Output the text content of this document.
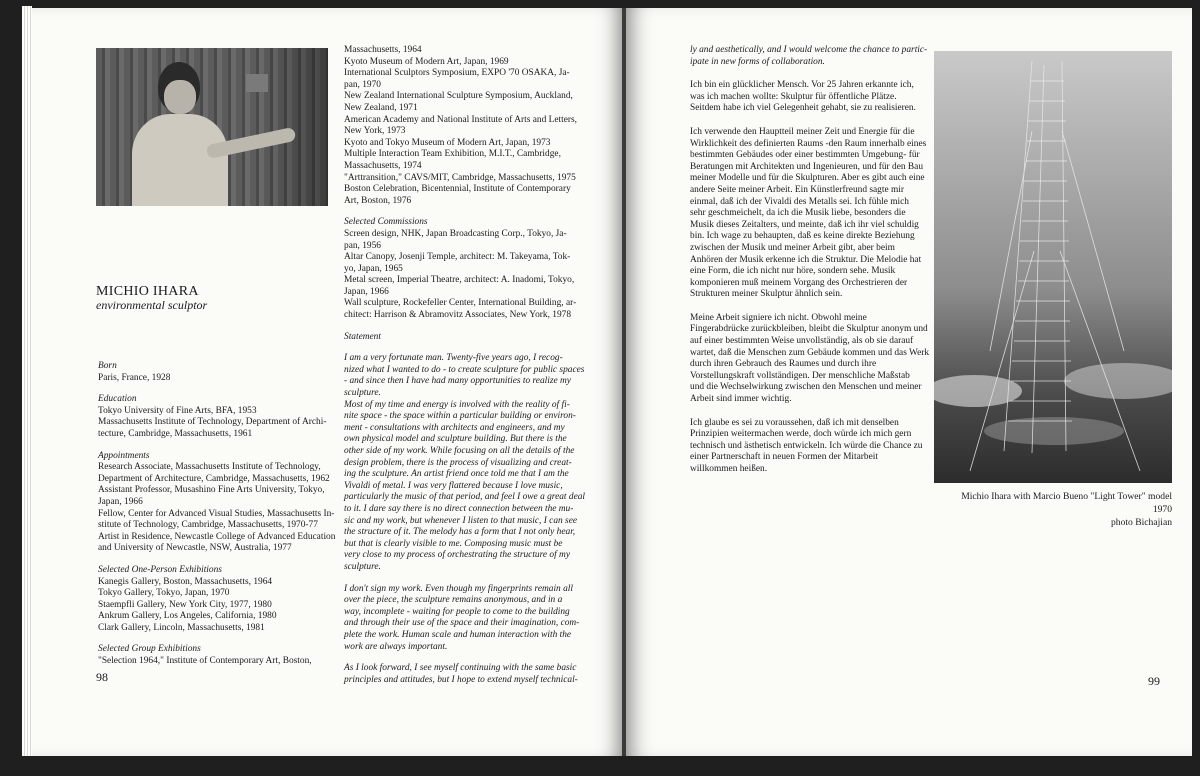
MICHIO IHARA
environmental sculptor
Born
Paris, France, 1928
Education
Tokyo University of Fine Arts, BFA, 1953
Massachusetts Institute of Technology, Department of Archi-
tecture, Cambridge, Massachusetts, 1961
Appointments
Research Associate, Massachusetts Institute of Technology,
Department of Architecture, Cambridge, Massachusetts, 1962
Assistant Professor, Musashino Fine Arts University, Tokyo,
Japan, 1966
Fellow, Center for Advanced Visual Studies, Massachusetts In-
stitute of Technology, Cambridge, Massachusetts, 1970-77
Artist in Residence, Newcastle College of Advanced Education
and University of Newcastle, NSW, Australia, 1977
Selected One-Person Exhibitions
Kanegis Gallery, Boston, Massachusetts, 1964
Tokyo Gallery, Tokyo, Japan, 1970
Staempfli Gallery, New York City, 1977, 1980
Ankrum Gallery, Los Angeles, California, 1980
Clark Gallery, Lincoln, Massachusetts, 1981
Selected Group Exhibitions
"Selection 1964," Institute of Contemporary Art, Boston,
Massachusetts, 1964
Kyoto Museum of Modern Art, Japan, 1969
International Sculptors Symposium, EXPO '70 OSAKA, Ja-
pan, 1970
New Zealand International Sculpture Symposium, Auckland,
New Zealand, 1971
American Academy and National Institute of Arts and Letters,
New York, 1973
Kyoto and Tokyo Museum of Modern Art, Japan, 1973
Multiple Interaction Team Exhibition, M.I.T., Cambridge,
Massachusetts, 1974
"Arttransition," CAVS/MIT, Cambridge, Massachusetts, 1975
Boston Celebration, Bicentennial, Institute of Contemporary
Art, Boston, 1976
Selected Commissions
Screen design, NHK, Japan Broadcasting Corp., Tokyo, Ja-
pan, 1956
Altar Canopy, Josenji Temple, architect: M. Takeyama, Tok-
yo, Japan, 1965
Metal screen, Imperial Theatre, architect: A. Inadomi, Tokyo,
Japan, 1966
Wall sculpture, Rockefeller Center, International Building, ar-
chitect: Harrison & Abramovitz Associates, New York, 1978
Statement
I am a very fortunate man. Twenty-five years ago, I recog-
nized what I wanted to do - to create sculpture for public spaces
- and since then I have had many opportunities to realize my
sculpture.
Most of my time and energy is involved with the reality of fi-
nite space - the space within a particular building or environ-
ment - consultations with architects and engineers, and my
own physical model and sculpture building. But there is the
other side of my work. While focusing on all the details of the
design problem, there is the process of visualizing and creat-
ing the sculpture. An artist friend once told me that I am the
Vivaldi of metal. I was very flattered because I love music,
particularly the music of that period, and feel I owe a great deal
to it. I dare say there is no direct connection between the mu-
sic and my work, but whenever I listen to that music, I can see
the structure of it. The melody has a form that I not only hear,
but that is clearly visible to me. Composing music must be
very close to my process of orchestrating the structure of my
sculpture.
I don't sign my work. Even though my fingerprints remain all
over the piece, the sculpture remains anonymous, and in a
way, incomplete - waiting for people to come to the building
and through their use of the space and their imagination, com-
plete the work. Human scale and human interaction with the
work are always important.
As I look forward, I see myself continuing with the same basic
principles and attitudes, but I hope to extend myself technical-
98
ly and aesthetically, and I would welcome the chance to partic-
ipate in new forms of collaboration.
Ich bin ein glücklicher Mensch. Vor 25 Jahren erkannte ich,
was ich machen wollte: Skulptur für öffentliche Plätze.
Seitdem habe ich viel Gelegenheit gehabt, sie zu realisieren.
Ich verwende den Hauptteil meiner Zeit und Energie für die
Wirklichkeit des definierten Raums -den Raum innerhalb eines
bestimmten Gebäudes oder einer bestimmten Umgebung- für
Beratungen mit Architekten und Ingenieuren, und für den Bau
meiner Modelle und für die Skulpturen. Aber es gibt auch eine
andere Seite meiner Arbeit. Ein Künstlerfreund sagte mir
einmal, daß ich der Vivaldi des Metalls sei. Ich fühle mich
sehr geschmeichelt, da ich die Musik liebe, besonders die
Musik dieses Zeitalters, und meinte, daß ich ihr viel schuldig
bin. Ich wage zu behaupten, daß es keine direkte Beziehung
zwischen der Musik und meiner Arbeit gibt, aber beim
Anhören der Musik erkenne ich die Struktur. Die Melodie hat
eine Form, die ich nicht nur höre, sondern sehe. Musik
komponieren muß meinem Vorgang des Orchestrieren der
Strukturen meiner Skulptur ähnlich sein.
Meine Arbeit signiere ich nicht. Obwohl meine
Fingerabdrücke zurückbleiben, bleibt die Skulptur anonym und
auf einer bestimmten Weise unvollständig, als ob sie darauf
wartet, daß die Menschen zum Gebäude kommen und das Werk
durch ihren Gebrauch des Raumes und durch ihre
Vorstellungskraft vollständigen. Der menschliche Maßstab
und die Wechselwirkung zwischen den Menschen und meiner
Arbeit sind immer wichtig.
Ich glaube es sei zu voraussehen, daß ich mit denselben
Prinzipien weitermachen werde, doch würde ich mich gern
technisch und ästhetisch entwickeln. Ich würde die Chance zu
einer Partnerschaft in neuen Formen der Mitarbeit
willkommen heißen.
Michio Ihara with Marcio Bueno "Light Tower" model 1970
photo Bichajian
99
